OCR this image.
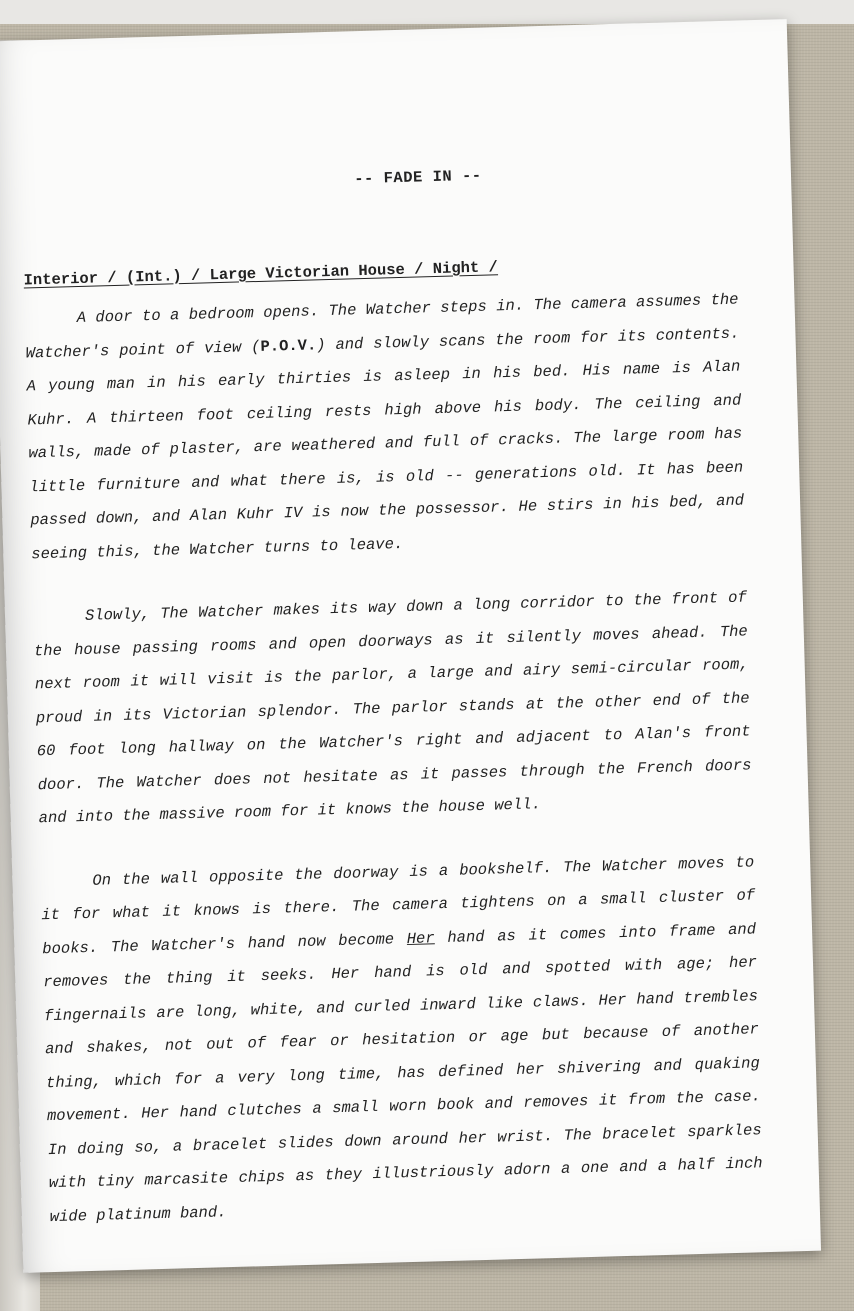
-- FADE IN --

Interior / (Int.) / Large Victorian House / Night /

A door to a bedroom opens. The Watcher steps in. The camera assumes the Watcher's point of view (P.O.V.) and slowly scans the room for its contents. A young man in his early thirties is asleep in his bed. His name is Alan Kuhr. A thirteen foot ceiling rests high above his body. The ceiling and walls, made of plaster, are weathered and full of cracks. The large room has little furniture and what there is, is old -- generations old. It has been passed down, and Alan Kuhr IV is now the possessor. He stirs in his bed, and seeing this, the Watcher turns to leave.

Slowly, The Watcher makes its way down a long corridor to the front of the house passing rooms and open doorways as it silently moves ahead. The next room it will visit is the parlor, a large and airy semi-circular room, proud in its Victorian splendor. The parlor stands at the other end of the 60 foot long hallway on the Watcher's right and adjacent to Alan's front door. The Watcher does not hesitate as it passes through the French doors and into the massive room for it knows the house well.

On the wall opposite the doorway is a bookshelf. The Watcher moves to it for what it knows is there. The camera tightens on a small cluster of books. The Watcher's hand now become Her hand as it comes into frame and removes the thing it seeks. Her hand is old and spotted with age; her fingernails are long, white, and curled inward like claws. Her hand trembles and shakes, not out of fear or hesitation or age but because of another thing, which for a very long time, has defined her shivering and quaking movement. Her hand clutches a small worn book and removes it from the case. In doing so, a bracelet slides down around her wrist. The bracelet sparkles with tiny marcasite chips as they illustriously adorn a one and a half inch wide platinum band.
